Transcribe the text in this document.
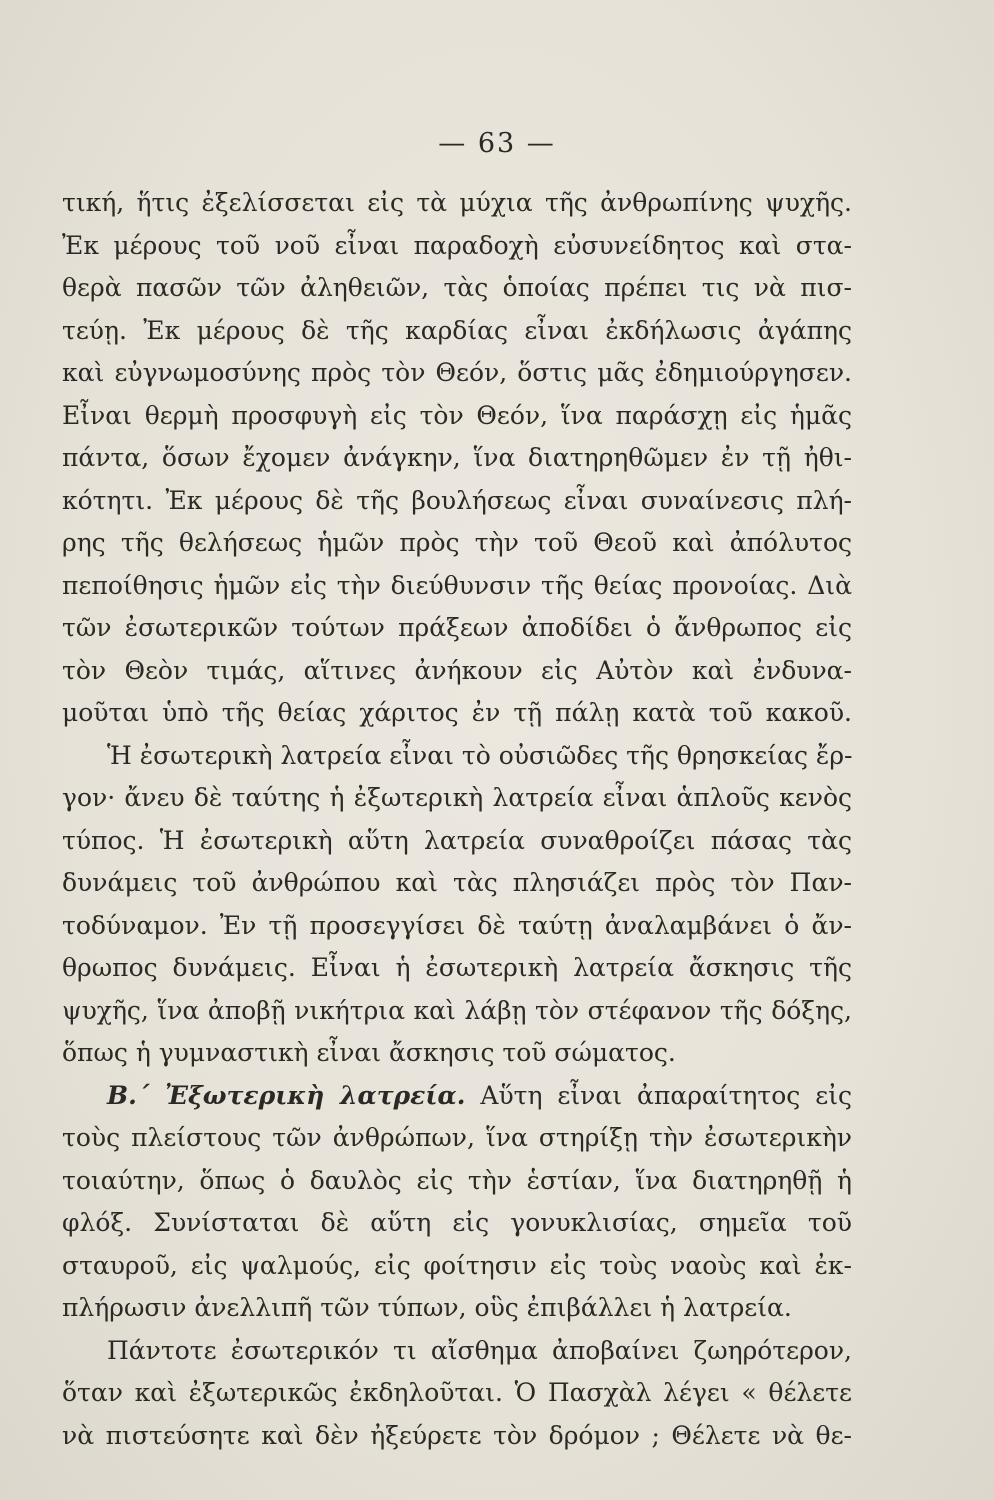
— 63 —
τική, ἥτις ἐξελίσσεται εἰς τὰ μύχια τῆς ἀνθρωπίνης ψυχῆς.
Ἐκ μέρους τοῦ νοῦ εἶναι παραδοχὴ εὐσυνείδητος καὶ στα-
θερὰ πασῶν τῶν ἀληθειῶν, τὰς ὁποίας πρέπει τις νὰ πισ-
τεύῃ. Ἐκ μέρους δὲ τῆς καρδίας εἶναι ἐκδήλωσις ἀγάπης
καὶ εὐγνωμοσύνης πρὸς τὸν Θεόν, ὅστις μᾶς ἐδημιούργησεν.
Εἶναι θερμὴ προσφυγὴ εἰς τὸν Θεόν, ἵνα παράσχῃ εἰς ἡμᾶς
πάντα, ὅσων ἔχομεν ἀνάγκην, ἵνα διατηρηθῶμεν ἐν τῇ ἠθι-
κότητι. Ἐκ μέρους δὲ τῆς βουλήσεως εἶναι συναίνεσις πλή-
ρης τῆς θελήσεως ἡμῶν πρὸς τὴν τοῦ Θεοῦ καὶ ἀπόλυτος
πεποίθησις ἡμῶν εἰς τὴν διεύθυνσιν τῆς θείας προνοίας. Διὰ
τῶν ἐσωτερικῶν τούτων πράξεων ἀποδίδει ὁ ἄνθρωπος εἰς
τὸν Θεὸν τιμάς, αἵτινες ἀνήκουν εἰς Αὐτὸν καὶ ἐνδυνα-
μοῦται ὑπὸ τῆς θείας χάριτος ἐν τῇ πάλῃ κατὰ τοῦ κακοῦ.
Ἡ ἐσωτερικὴ λατρεία εἶναι τὸ οὐσιῶδες τῆς θρησκείας ἔρ-
γον· ἄνευ δὲ ταύτης ἡ ἐξωτερικὴ λατρεία εἶναι ἁπλοῦς κενὸς
τύπος. Ἡ ἐσωτερικὴ αὕτη λατρεία συναθροίζει πάσας τὰς
δυνάμεις τοῦ ἀνθρώπου καὶ τὰς πλησιάζει πρὸς τὸν Παν-
τοδύναμον. Ἐν τῇ προσεγγίσει δὲ ταύτῃ ἀναλαμβάνει ὁ ἄν-
θρωπος δυνάμεις. Εἶναι ἡ ἐσωτερικὴ λατρεία ἄσκησις τῆς
ψυχῆς, ἵνα ἀποβῇ νικήτρια καὶ λάβῃ τὸν στέφανον τῆς δόξης,
ὅπως ἡ γυμναστικὴ εἶναι ἄσκησις τοῦ σώματος.
Β.΄ Ἐξωτερικὴ λατρεία. Αὕτη εἶναι ἀπαραίτητος εἰς
τοὺς πλείστους τῶν ἀνθρώπων, ἵνα στηρίξῃ τὴν ἐσωτερικὴν
τοιαύτην, ὅπως ὁ δαυλὸς εἰς τὴν ἑστίαν, ἵνα διατηρηθῇ ἡ
φλόξ. Συνίσταται δὲ αὕτη εἰς γονυκλισίας, σημεῖα τοῦ
σταυροῦ, εἰς ψαλμούς, εἰς φοίτησιν εἰς τοὺς ναοὺς καὶ ἐκ-
πλήρωσιν ἀνελλιπῆ τῶν τύπων, οὓς ἐπιβάλλει ἡ λατρεία.
Πάντοτε ἐσωτερικόν τι αἴσθημα ἀποβαίνει ζωηρότερον,
ὅταν καὶ ἐξωτερικῶς ἐκδηλοῦται. Ὁ Πασχὰλ λέγει « θέλετε
νὰ πιστεύσητε καὶ δὲν ἠξεύρετε τὸν δρόμον ; Θέλετε νὰ θε-
